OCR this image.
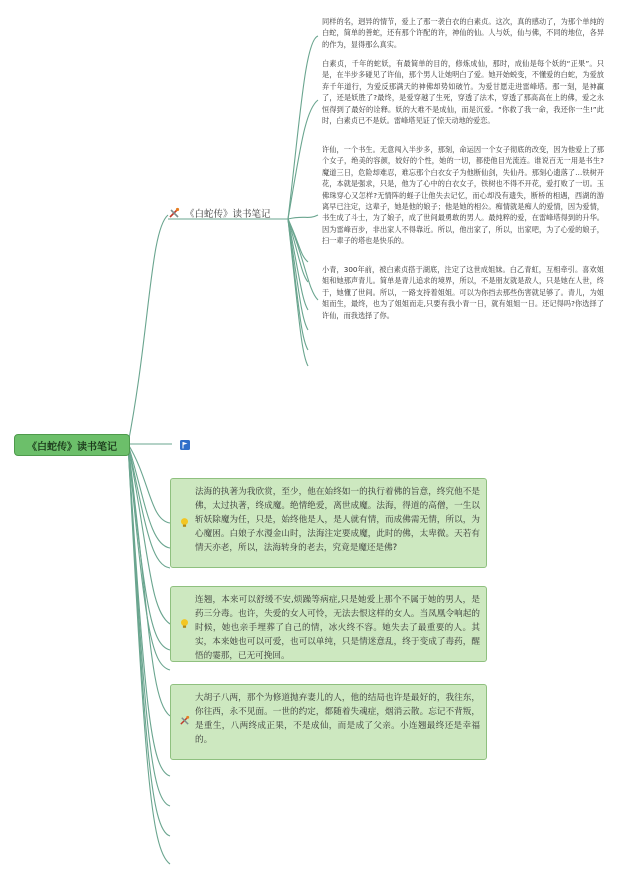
《白蛇传》读书笔记
《白蛇传》读书笔记

同样的名，迥异的情节，爱上了那一袭白衣的白素贞。这次，真的感动了，为那个单纯的白蛇，简单的善蛇，还有那个许配的许，神仙的仙。人与妖，仙与佛，不同的地位，各异的作为，显得那么真实。

白素贞，千年的蛇妖，有最简单的目的，修炼成仙，那时，成仙是每个妖的“正果”。只是，在半步多碰见了许仙，那个男人让她明白了爱。她开始蜕变，不懂爱的白蛇，为爱放弃千年道行，为爱反那满天的神佛却势如破竹。为爱甘愿走进雷峰塔。那一刻，是神赢了，还是妖胜了?最终，是爱穿越了生死，穿透了法术，穿透了那高高在上的佛，爱之永恒得到了最好的诠释。妖的大难不是成仙，而是沉爱。“你救了我一命，我还你一生!”此时，白素贞已不是妖。雷峰塔见证了惊天动地的爱恋。

许仙，一个书生。无意闯入半步多，那刻，命运因一个女子彻底的改变，因为他爱上了那个女子，绝美的容颜，姣好的个性，她的一切，都使他目光流连。谁说百无一用是书生?魔道三日，危险却难忍，难忘那个白衣女子为他断仙剑，失仙丹。那刻心遗落了…铁树开花，本就是强求，只是，他为了心中的白衣女子，铁树也不得不开花，爱打败了一切。玉佛珠穿心又怎样?无情阵的蛏子让他失去记忆，而心却没有遗失，断桥的相遇，西湖的游离早已注定，这辈子，她是他的娘子；他是她的相公。痴情就是痴人的爱情，因为爱情，书生成了斗士，为了娘子，成了世间最勇敢的男人。最纯粹的爱，在雷峰塔得到的升华。因为雷峰百步，非出家人不得靠近。所以，他出家了，所以，出家吧，为了心爱的娘子，扫一辈子的塔也是快乐的。

小青，300年前，被白素贞搭于湖底，注定了这世成姐妹。白乙青虹，互相牵引。喜欢姐姐和她那声青儿。简单是青儿追求的境界，所以，不是朋友就是敌人，只是她在人世，终于，她懂了世间。所以，一路支持着姐姐。可以为你挡去那些伤害就足够了。青儿，为姐姐而生，最终，也为了姐姐而走,只要有我小青一日，就有姐姐一日。还记得吗?你选择了许仙，而我选择了你。

法海的执著为我欣赏，至少，他在始终如一的执行着佛的旨意，终究他不是佛，太过执著，终成魔。绝情绝爱，离世成魔。法海，得道的高僧，一生以斩妖除魔为任，只是，始终他是人，是人就有情，而成佛需无情，所以，为心魔困。白娘子水漫金山时，法海注定要成魔，此时的佛，太卑微。天若有情天亦老，所以，法海转身的老去，究竟是魔还是佛?
连翘，本来可以舒缓不安,烦躁等病症,只是她爱上那个不属于她的男人，是药三分毒。也许，失爱的女人可怜，无法去恨这样的女人。当凤凰令响起的时候，她也亲手埋葬了自己的情，冰火终不容。她失去了最重要的人。其实，本来她也可以可爱，也可以单纯，只是情迷意乱，终于变成了毒药，醒悟的霎那，已无可挽回。
大胡子八两，那个为修道抛弃妻儿的人，他的结局也许是最好的，我往东，你往西，永不见面。一世的约定，都随着失魂症，烟消云散。忘记不背叛，是重生，八两终成正果，不是成仙，而是成了父亲。小连翘最终还是幸福的。
